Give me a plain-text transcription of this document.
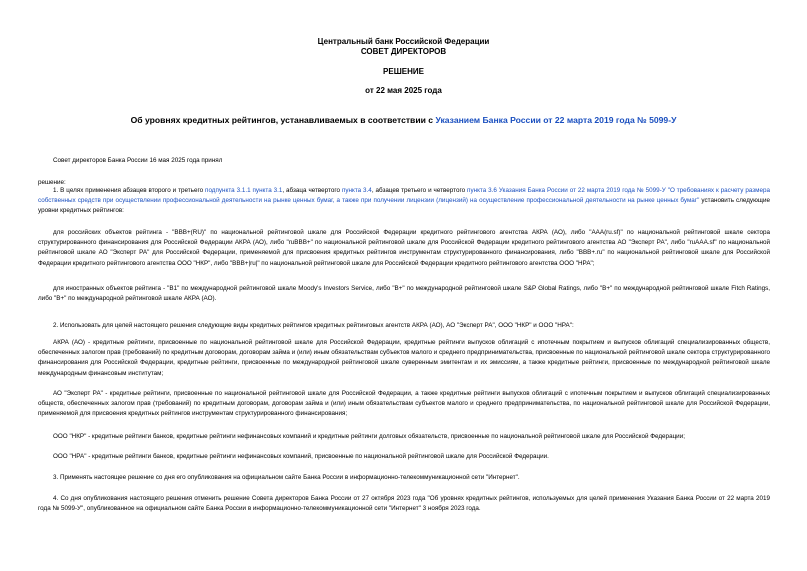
Центральный банк Российской Федерации
СОВЕТ ДИРЕКТОРОВ
РЕШЕНИЕ
от 22 мая 2025 года
Об уровнях кредитных рейтингов, устанавливаемых в соответствии с Указанием Банка России от 22 марта 2019 года № 5099-У
Совет директоров Банка России 16 мая 2025 года принял
решение:
1. В целях применения абзацев второго и третьего подпункта 3.1.1 пункта 3.1, абзаца четвертого пункта 3.4, абзацев третьего и четвертого пункта 3.6 Указания Банка России от 22 марта 2019 года № 5099-У "О требованиях к расчету размера собственных средств при осуществлении профессиональной деятельности на рынке ценных бумаг, а также при получении лицензии (лицензий) на осуществление профессиональной деятельности на рынке ценных бумаг" установить следующие уровни кредитных рейтингов:
для российских объектов рейтинга - "BBB+(RU)" по национальной рейтинговой шкале для Российской Федерации кредитного рейтингового агентства АКРА (АО), либо "AAA(ru.sf)" по национальной рейтинговой шкале сектора структурированного финансирования для Российской Федерации АКРА (АО), либо "ruBBB+" по национальной рейтинговой шкале для Российской Федерации кредитного рейтингового агентства АО "Эксперт РА", либо "ruAAA.sf" по национальной рейтинговой шкале АО "Эксперт РА" для Российской Федерации, применяемой для присвоения кредитных рейтингов инструментам структурированного финансирования, либо "BBB+.ru" по национальной рейтинговой шкале для Российской Федерации кредитного рейтингового агентства ООО "НКР", либо "BBB+|ru|" по национальной рейтинговой шкале для Российской Федерации кредитного рейтингового агентства ООО "НРА";
для иностранных объектов рейтинга - "B1" по международной рейтинговой шкале Moody's Investors Service, либо "B+" по международной рейтинговой шкале S&P Global Ratings, либо "B+" по международной рейтинговой шкале Fitch Ratings, либо "B+" по международной рейтинговой шкале АКРА (АО).
2. Использовать для целей настоящего решения следующие виды кредитных рейтингов кредитных рейтинговых агентств АКРА (АО), АО "Эксперт РА", ООО "НКР" и ООО "НРА":
АКРА (АО) - кредитные рейтинги, присвоенные по национальной рейтинговой шкале для Российской Федерации, кредитные рейтинги выпусков облигаций с ипотечным покрытием и выпусков облигаций специализированных обществ, обеспеченных залогом прав (требований) по кредитным договорам, договорам займа и (или) иным обязательствам субъектов малого и среднего предпринимательства, присвоенные по национальной рейтинговой шкале сектора структурированного финансирования для Российской Федерации, кредитные рейтинги, присвоенные по международной рейтинговой шкале суверенным эмитентам и их эмиссиям, а также кредитные рейтинги, присвоенные по международной рейтинговой шкале международным финансовым институтам;
АО "Эксперт РА" - кредитные рейтинги, присвоенные по национальной рейтинговой шкале для Российской Федерации, а также кредитные рейтинги выпусков облигаций с ипотечным покрытием и выпусков облигаций специализированных обществ, обеспеченных залогом прав (требований) по кредитным договорам, договорам займа и (или) иным обязательствам субъектов малого и среднего предпринимательства, по национальной рейтинговой шкале для Российской Федерации, применяемой для присвоения кредитных рейтингов инструментам структурированного финансирования;
ООО "НКР" - кредитные рейтинги банков, кредитные рейтинги нефинансовых компаний и кредитные рейтинги долговых обязательств, присвоенные по национальной рейтинговой шкале для Российской Федерации;
ООО "НРА" - кредитные рейтинги банков, кредитные рейтинги нефинансовых компаний, присвоенные по национальной рейтинговой шкале для Российской Федерации.
3. Применять настоящее решение со дня его опубликования на официальном сайте Банка России в информационно-телекоммуникационной сети "Интернет".
4. Со дня опубликования настоящего решения отменить решение Совета директоров Банка России от 27 октября 2023 года "Об уровнях кредитных рейтингов, используемых для целей применения Указания Банка России от 22 марта 2019 года № 5099-У", опубликованное на официальном сайте Банка России в информационно-телекоммуникационной сети "Интернет" 3 ноября 2023 года.
